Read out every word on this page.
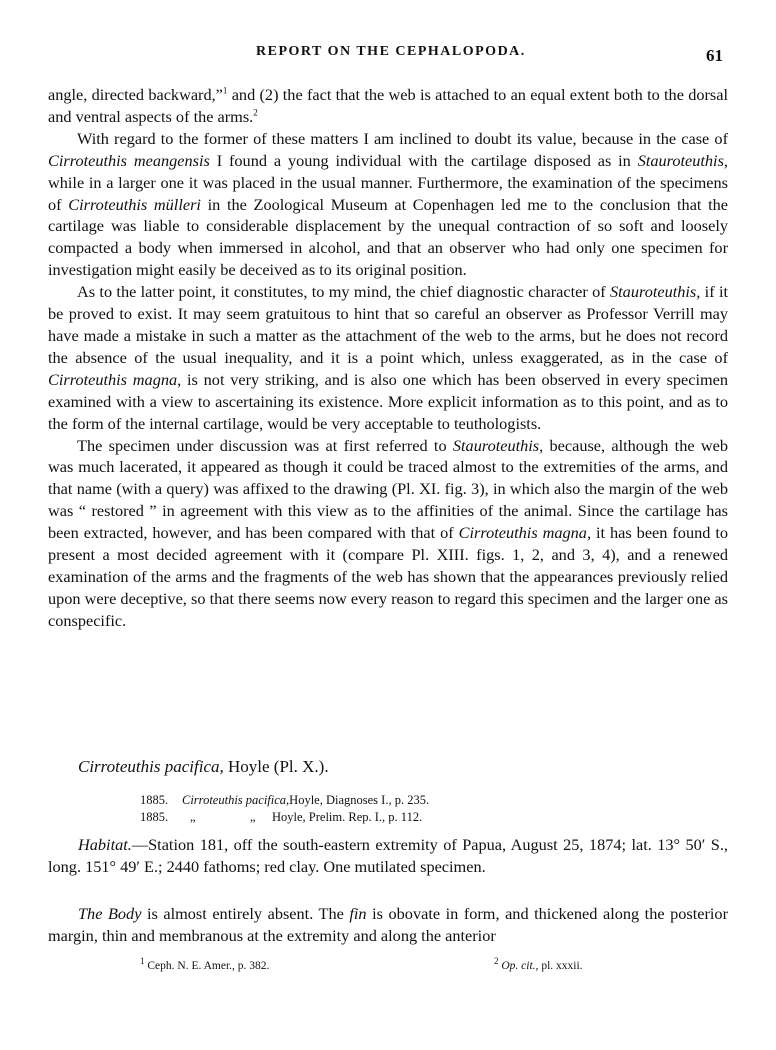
REPORT ON THE CEPHALOPODA.	61

angle, directed backward,”$^1$ and (2) the fact that the web is attached to an equal extent both to the dorsal and ventral aspects of the arms.$^2$

With regard to the former of these matters I am inclined to doubt its value, because in the case of Cirroteuthis meangensis I found a young individual with the cartilage disposed as in Stauroteuthis, while in a larger one it was placed in the usual manner. Furthermore, the examination of the specimens of Cirroteuthis mülleri in the Zoological Museum at Copenhagen led me to the conclusion that the cartilage was liable to considerable displacement by the unequal contraction of so soft and loosely compacted a body when immersed in alcohol, and that an observer who had only one specimen for investigation might easily be deceived as to its original position.

As to the latter point, it constitutes, to my mind, the chief diagnostic character of Stauroteuthis, if it be proved to exist. It may seem gratuitous to hint that so careful an observer as Professor Verrill may have made a mistake in such a matter as the attachment of the web to the arms, but he does not record the absence of the usual inequality, and it is a point which, unless exaggerated, as in the case of Cirroteuthis magna, is not very striking, and is also one which has been observed in every specimen examined with a view to ascertaining its existence. More explicit information as to this point, and as to the form of the internal cartilage, would be very acceptable to teuthologists.

The specimen under discussion was at first referred to Stauroteuthis, because, although the web was much lacerated, it appeared as though it could be traced almost to the extremities of the arms, and that name (with a query) was affixed to the drawing (Pl. XI. fig. 3), in which also the margin of the web was “ restored ” in agreement with this view as to the affinities of the animal. Since the cartilage has been extracted, however, and has been compared with that of Cirroteuthis magna, it has been found to present a most decided agreement with it (compare Pl. XIII. figs. 1, 2, and 3, 4), and a renewed examination of the arms and the fragments of the web has shown that the appearances previously relied upon were deceptive, so that there seems now every reason to regard this specimen and the larger one as conspecific.

Cirroteuthis pacifica, Hoyle (Pl. X.).
1885.	Cirroteuthis pacifica, Hoyle, Diagnoses I., p. 235.
1885.	„	„	Hoyle, Prelim. Rep. I., p. 112.

Habitat.—Station 181, off the south-eastern extremity of Papua, August 25, 1874; lat. 13° 50′ S., long. 151° 49′ E.; 2440 fathoms; red clay. One mutilated specimen.

The Body is almost entirely absent. The fin is obovate in form, and thickened along the posterior margin, thin and membranous at the extremity and along the anterior

$^1$ Ceph. N. E. Amer., p. 382.	$^2$ Op. cit., pl. xxxii.
